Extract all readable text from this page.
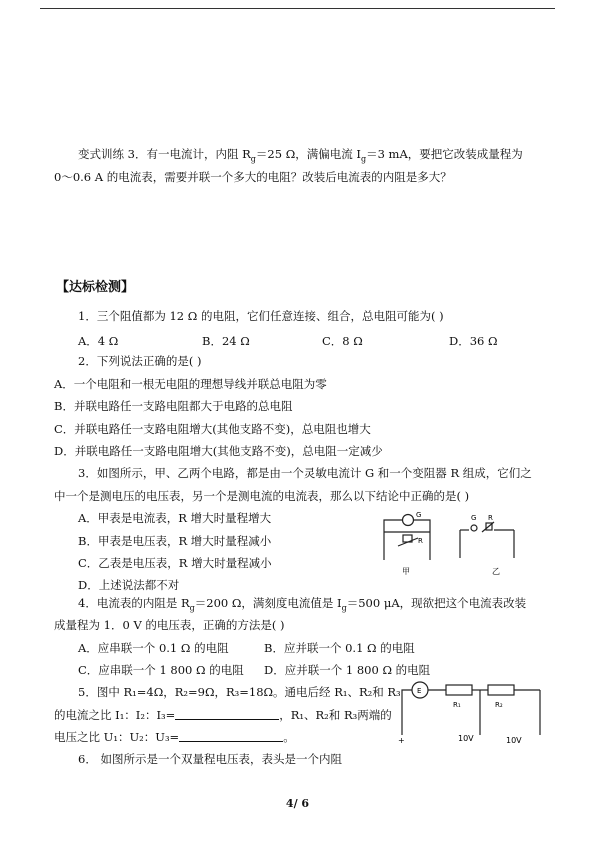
变式训练 3．有一电流计，内阻 $R_g=25$ Ω，满偏电流 $I_g=3$ mA，要把它改装成量程为
0～0.6 A 的电流表，需要并联一个多大的电阻？改装后电流表的内阻是多大？
【达标检测】
1．三个阻值都为 12 Ω 的电阻，它们任意连接、组合，总电阻可能为( )
A．4 Ω	B．24 Ω	C．8 Ω	D．36 Ω
2．下列说法正确的是( )
A．一个电阻和一根无电阻的理想导线并联总电阻为零
B．并联电路任一支路电阻都大于电路的总电阻
C．并联电路任一支路电阻增大(其他支路不变)，总电阻也增大
D．并联电路任一支路电阻增大(其他支路不变)，总电阻一定减少
3．如图所示，甲、乙两个电路，都是由一个灵敏电流计 G 和一个变阻器 R 组成，它们之
中一个是测电压的电压表，另一个是测电流的电流表，那么以下结论中正确的是( )
A．甲表是电流表，R 增大时量程增大
B．甲表是电压表，R 增大时量程减小
C．乙表是电压表，R 增大时量程减小
D．上述说法都不对
G
R
G R
甲	乙
4．电流表的内阻是 $R_g=200$ Ω，满刻度电流值是 $I_g=500$ μA，现欲把这个电流表改装
成量程为 1．0 V 的电压表，正确的方法是( )
A．应串联一个 0.1 Ω 的电阻	B．应并联一个 0.1 Ω 的电阻
C．应串联一个 1 800 Ω 的电阻 D．应并联一个 1 800 Ω 的电阻
5．图中 R₁=4Ω，R₂=9Ω，R₃=18Ω。通电后经 R₁、R₂和 R₃
的电流之比 I₁：I₂：I₃=	，R₁、R₂和 R₃两端的
电压之比 U₁：U₂：U₃=	。
E
R₁	R₂
10V	10V
+
6． 如图所示是一个双量程电压表，表头是一个内阻
4/ 6
